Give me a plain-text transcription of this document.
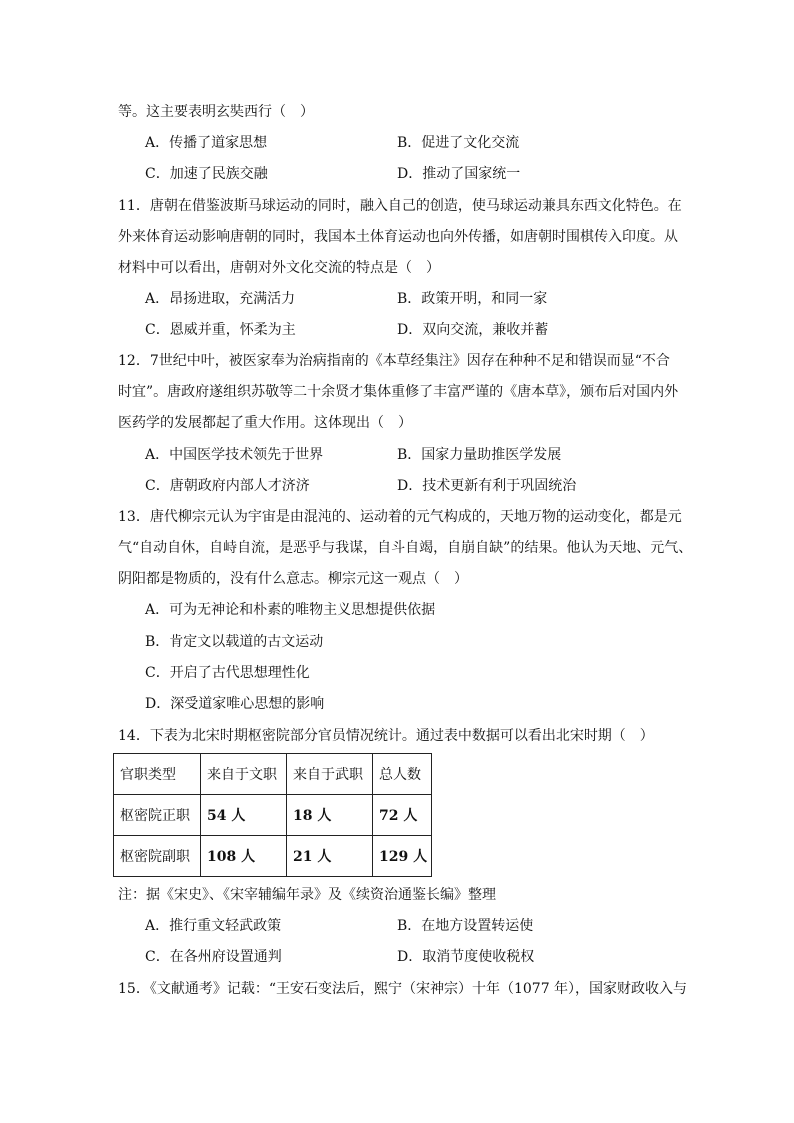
等。这主要表明玄奘西行（　）
A．传播了道家思想	B．促进了文化交流
C．加速了民族交融	D．推动了国家统一
11．唐朝在借鉴波斯马球运动的同时，融入自己的创造，使马球运动兼具东西文化特色。在
外来体育运动影响唐朝的同时，我国本土体育运动也向外传播，如唐朝时围棋传入印度。从
材料中可以看出，唐朝对外文化交流的特点是（　）
A．昂扬进取，充满活力	B．政策开明，和同一家
C．恩威并重，怀柔为主	D．双向交流，兼收并蓄
12．7世纪中叶，被医家奉为治病指南的《本草经集注》因存在种种不足和错误而显“不合
时宜”。唐政府遂组织苏敬等二十余贤才集体重修了丰富严谨的《唐本草》，颁布后对国内外
医药学的发展都起了重大作用。这体现出（　）
A．中国医学技术领先于世界	B．国家力量助推医学发展
C．唐朝政府内部人才济济	D．技术更新有利于巩固统治
13．唐代柳宗元认为宇宙是由混沌的、运动着的元气构成的，天地万物的运动变化，都是元
气“自动自休，自峙自流，是恶乎与我谋，自斗自竭，自崩自缺”的结果。他认为天地、元气、
阴阳都是物质的，没有什么意志。柳宗元这一观点（　）
A．可为无神论和朴素的唯物主义思想提供依据
B．肯定文以载道的古文运动
C．开启了古代思想理性化
D．深受道家唯心思想的影响
14．下表为北宋时期枢密院部分官员情况统计。通过表中数据可以看出北宋时期（　）
官职类型	来自于文职	来自于武职	总人数
枢密院正职	54 人	18 人	72 人
枢密院副职	108 人	21 人	129 人
注：据《宋史》、《宋宰辅编年录》及《续资治通鉴长编》整理
A．推行重文轻武政策	B．在地方设置转运使
C．在各州府设置通判	D．取消节度使收税权
15．《文献通考》记载：“王安石变法后，熙宁（宋神宗）十年（1077 年），国家财政收入与
